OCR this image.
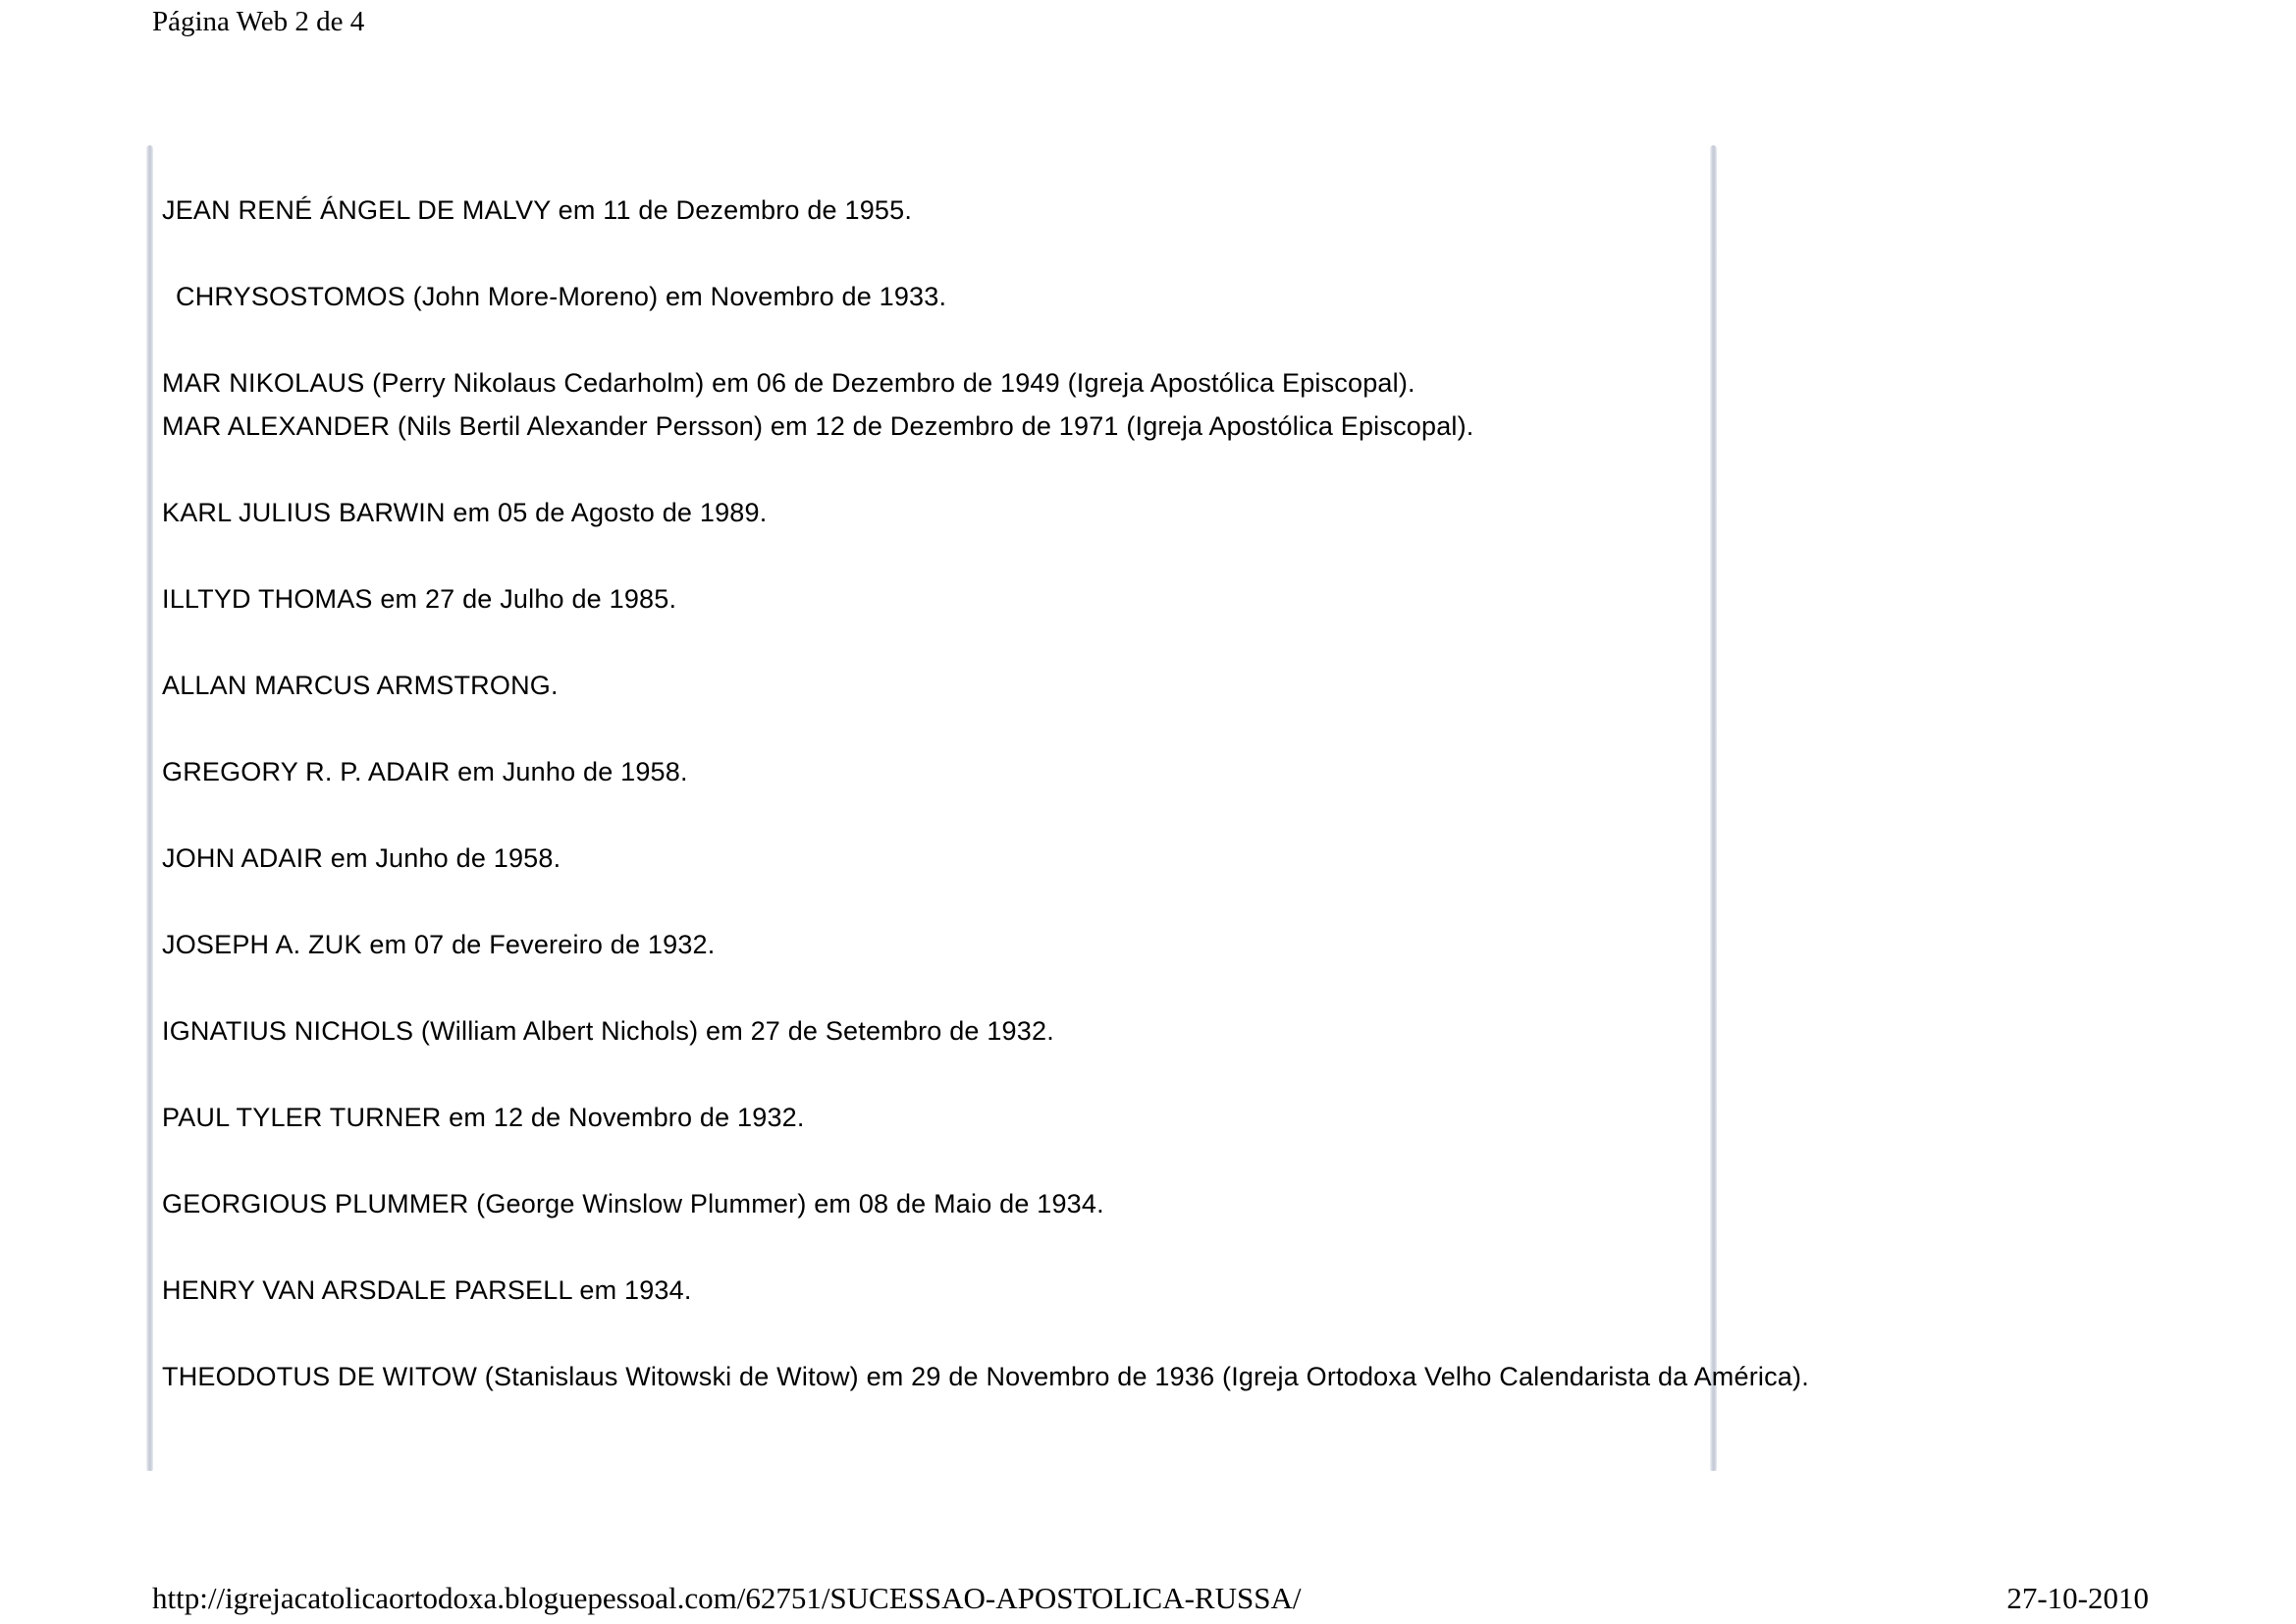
Página Web 2 de 4

JEAN RENÉ ÁNGEL DE MALVY em 11 de Dezembro de 1955.

CHRYSOSTOMOS (John More-Moreno) em Novembro de 1933.

MAR NIKOLAUS (Perry Nikolaus Cedarholm) em 06 de Dezembro de 1949 (Igreja Apostólica Episcopal).

MAR ALEXANDER (Nils Bertil Alexander Persson) em 12 de Dezembro de 1971 (Igreja Apostólica Episcopal).

KARL JULIUS BARWIN em 05 de Agosto de 1989.

ILLTYD THOMAS em 27 de Julho de 1985.

ALLAN MARCUS ARMSTRONG.

GREGORY R. P. ADAIR em Junho de 1958.

JOHN ADAIR em Junho de 1958.

JOSEPH A. ZUK em 07 de Fevereiro de 1932.

IGNATIUS NICHOLS (William Albert Nichols) em 27 de Setembro de 1932.

PAUL TYLER TURNER em 12 de Novembro de 1932.

GEORGIOUS PLUMMER (George Winslow Plummer) em 08 de Maio de 1934.

HENRY VAN ARSDALE PARSELL em 1934.

THEODOTUS DE WITOW (Stanislaus Witowski de Witow) em 29 de Novembro de 1936 (Igreja Ortodoxa Velho Calendarista da América).

http://igrejacatolicaortodoxa.bloguepessoal.com/62751/SUCESSAO-APOSTOLICA-RUSSA/	27-10-2010
